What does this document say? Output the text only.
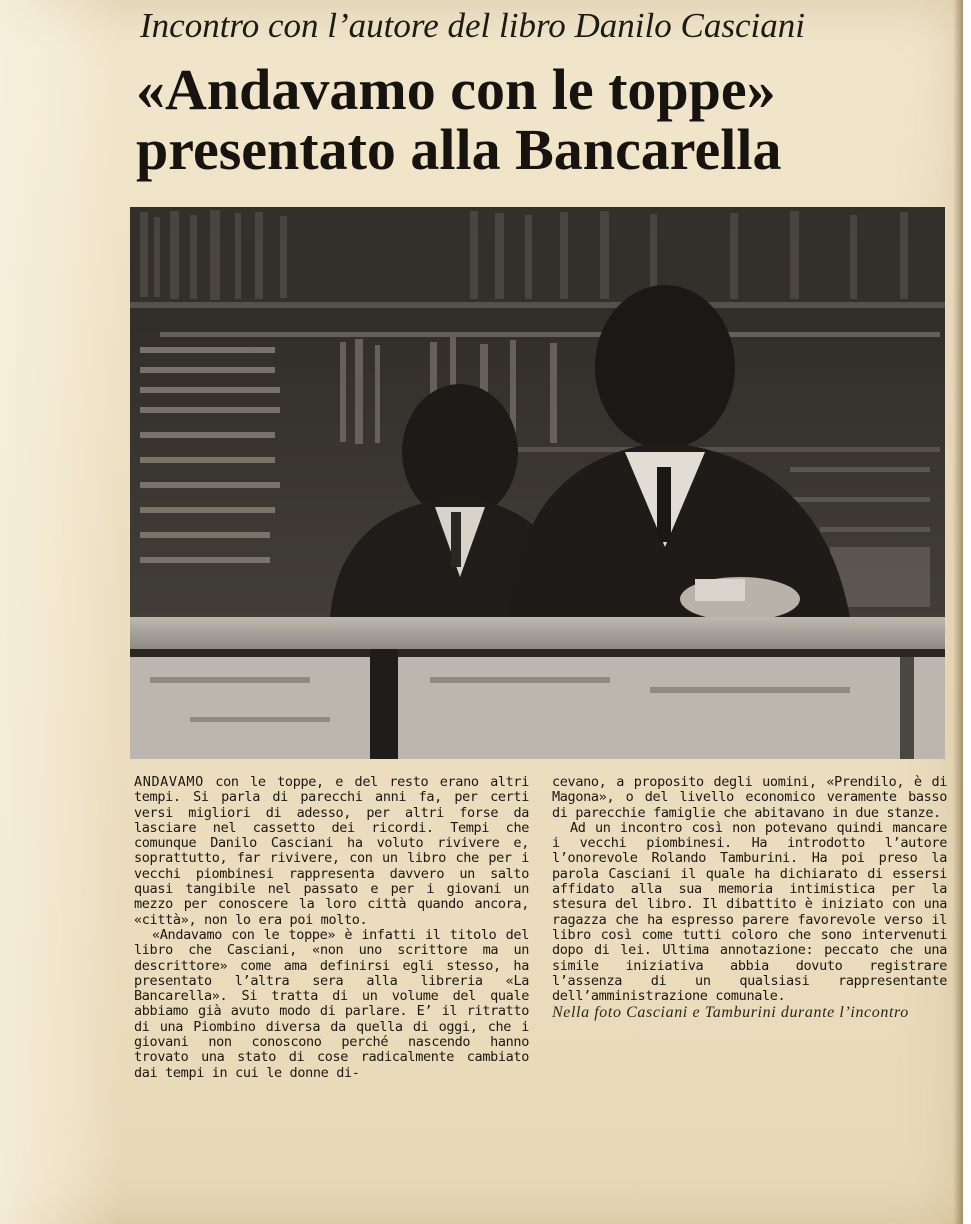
Incontro con l’autore del libro Danilo Casciani
«Andavamo con le toppe»
presentato alla Bancarella

ANDAVAMO con le toppe, e del resto erano altri tempi. Si parla di parecchi anni fa, per certi versi migliori di adesso, per altri forse da lasciare nel cassetto dei ricordi. Tempi che comunque Danilo Casciani ha voluto rivivere e, soprattutto, far rivivere, con un libro che per i vecchi piombinesi rappresenta davvero un salto quasi tangibile nel passato e per i giovani un mezzo per conoscere la loro città quando ancora, «città», non lo era poi molto.

«Andavamo con le toppe» è infatti il titolo del libro che Casciani, «non uno scrittore ma un descrittore» come ama definirsi egli stesso, ha presentato l’altra sera alla libreria «La Bancarella». Si tratta di un volume del quale abbiamo già avuto modo di parlare. E’ il ritratto di una Piombino diversa da quella di oggi, che i giovani non conoscono perché nascendo hanno trovato una stato di cose radicalmente cambiato dai tempi in cui le donne di-

cevano, a proposito degli uomini, «Prendilo, è di Magona», o del livello economico veramente basso di parecchie famiglie che abitavano in due stanze.

Ad un incontro così non potevano quindi mancare i vecchi piombinesi. Ha introdotto l’autore l’onorevole Rolando Tamburini. Ha poi preso la parola Casciani il quale ha dichiarato di essersi affidato alla sua memoria intimistica per la stesura del libro. Il dibattito è iniziato con una ragazza che ha espresso parere favorevole verso il libro così come tutti coloro che sono intervenuti dopo di lei. Ultima annotazione: peccato che una simile iniziativa abbia dovuto registrare l’assenza di un qualsiasi rappresentante dell’amministrazione comunale.

Nella foto Casciani e Tamburini durante l’incontro
